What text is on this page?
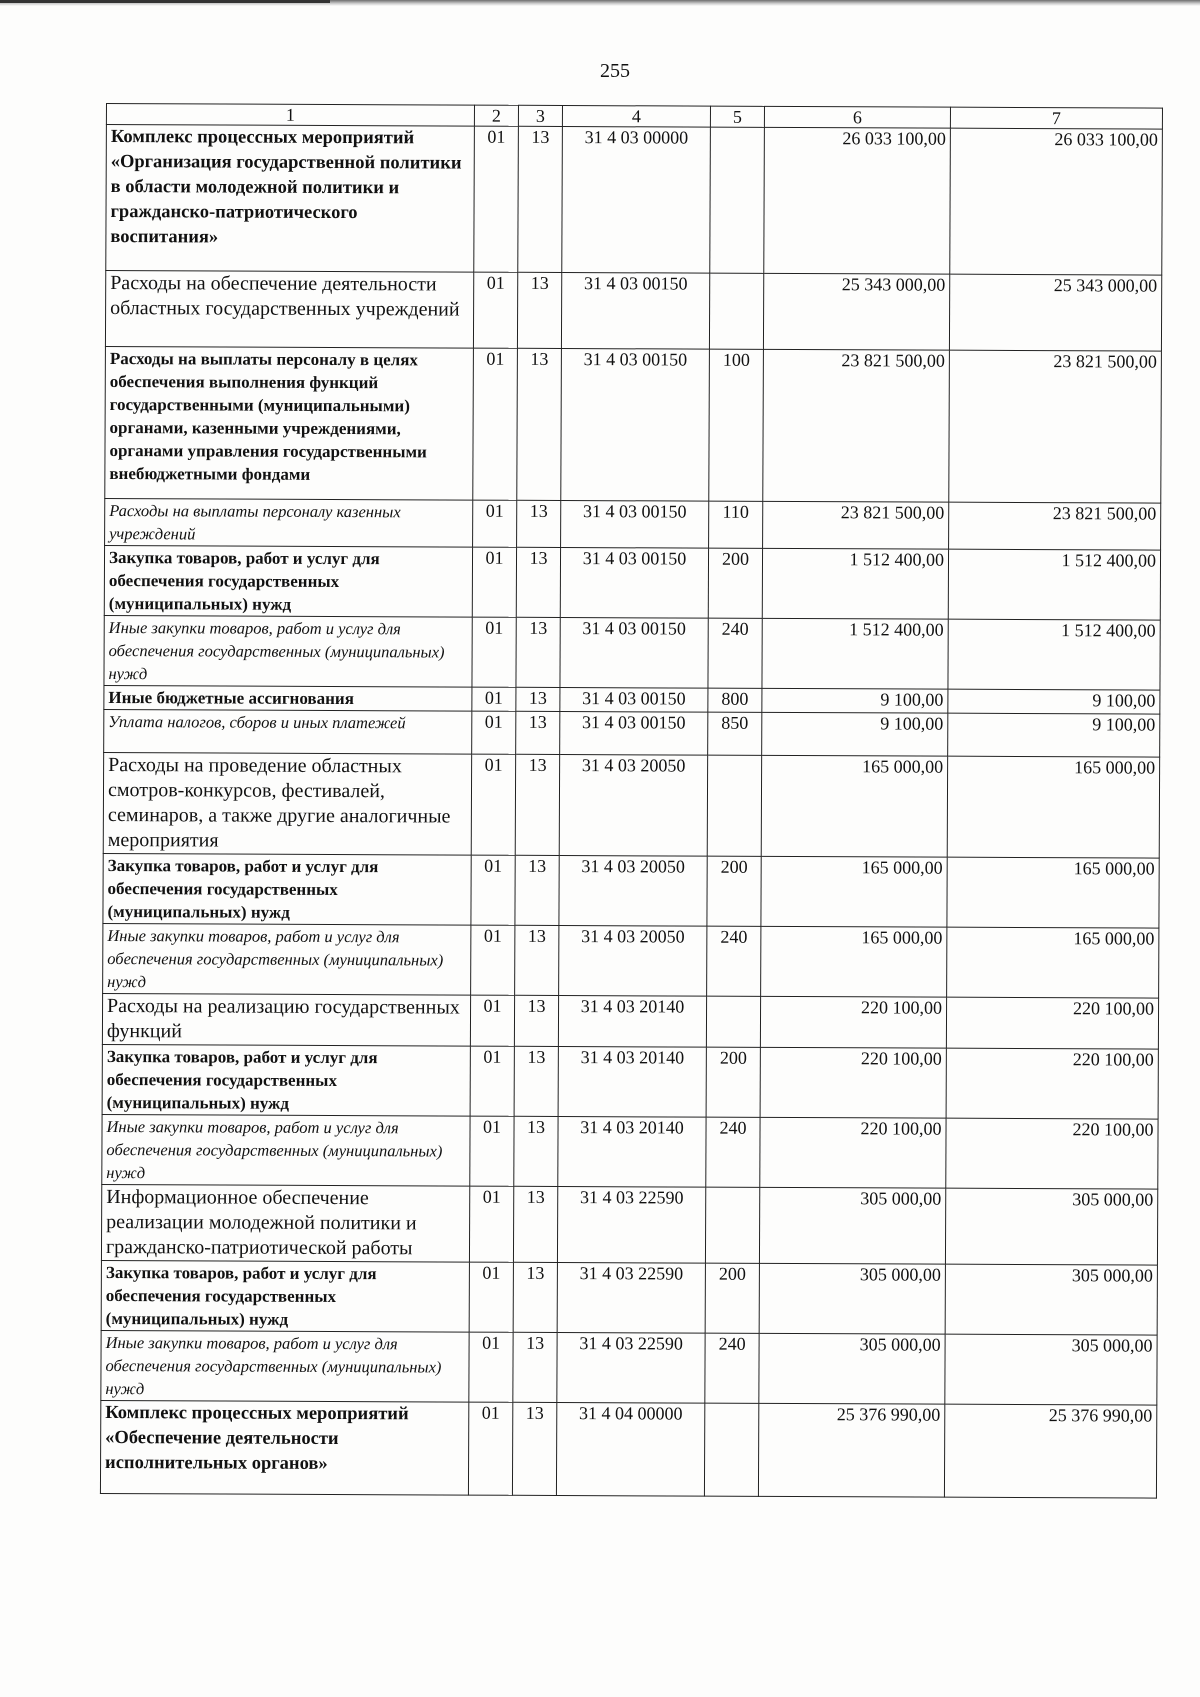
255
1	2	3	4	5	6	7
Комплекс процессных мероприятий «Организация государственной политики в области молодежной политики и гражданско-патриотического воспитания»	01	13	31 4 03 00000		26 033 100,00	26 033 100,00
Расходы на обеспечение деятельности областных государственных учреждений	01	13	31 4 03 00150		25 343 000,00	25 343 000,00
Расходы на выплаты персоналу в целях обеспечения выполнения функций государственными (муниципальными) органами, казенными учреждениями, органами управления государственными внебюджетными фондами	01	13	31 4 03 00150	100	23 821 500,00	23 821 500,00
Расходы на выплаты персоналу казенных учреждений	01	13	31 4 03 00150	110	23 821 500,00	23 821 500,00
Закупка товаров, работ и услуг для обеспечения государственных (муниципальных) нужд	01	13	31 4 03 00150	200	1 512 400,00	1 512 400,00
Иные закупки товаров, работ и услуг для обеспечения государственных (муниципальных) нужд	01	13	31 4 03 00150	240	1 512 400,00	1 512 400,00
Иные бюджетные ассигнования	01	13	31 4 03 00150	800	9 100,00	9 100,00
Уплата налогов, сборов и иных платежей	01	13	31 4 03 00150	850	9 100,00	9 100,00
Расходы на проведение областных смотров-конкурсов, фестивалей, семинаров, а также другие аналогичные мероприятия	01	13	31 4 03 20050		165 000,00	165 000,00
Закупка товаров, работ и услуг для обеспечения государственных (муниципальных) нужд	01	13	31 4 03 20050	200	165 000,00	165 000,00
Иные закупки товаров, работ и услуг для обеспечения государственных (муниципальных) нужд	01	13	31 4 03 20050	240	165 000,00	165 000,00
Расходы на реализацию государственных функций	01	13	31 4 03 20140		220 100,00	220 100,00
Закупка товаров, работ и услуг для обеспечения государственных (муниципальных) нужд	01	13	31 4 03 20140	200	220 100,00	220 100,00
Иные закупки товаров, работ и услуг для обеспечения государственных (муниципальных) нужд	01	13	31 4 03 20140	240	220 100,00	220 100,00
Информационное обеспечение реализации молодежной политики и гражданско-патриотической работы	01	13	31 4 03 22590		305 000,00	305 000,00
Закупка товаров, работ и услуг для обеспечения государственных (муниципальных) нужд	01	13	31 4 03 22590	200	305 000,00	305 000,00
Иные закупки товаров, работ и услуг для обеспечения государственных (муниципальных) нужд	01	13	31 4 03 22590	240	305 000,00	305 000,00
Комплекс процессных мероприятий «Обеспечение деятельности исполнительных органов»	01	13	31 4 04 00000		25 376 990,00	25 376 990,00
